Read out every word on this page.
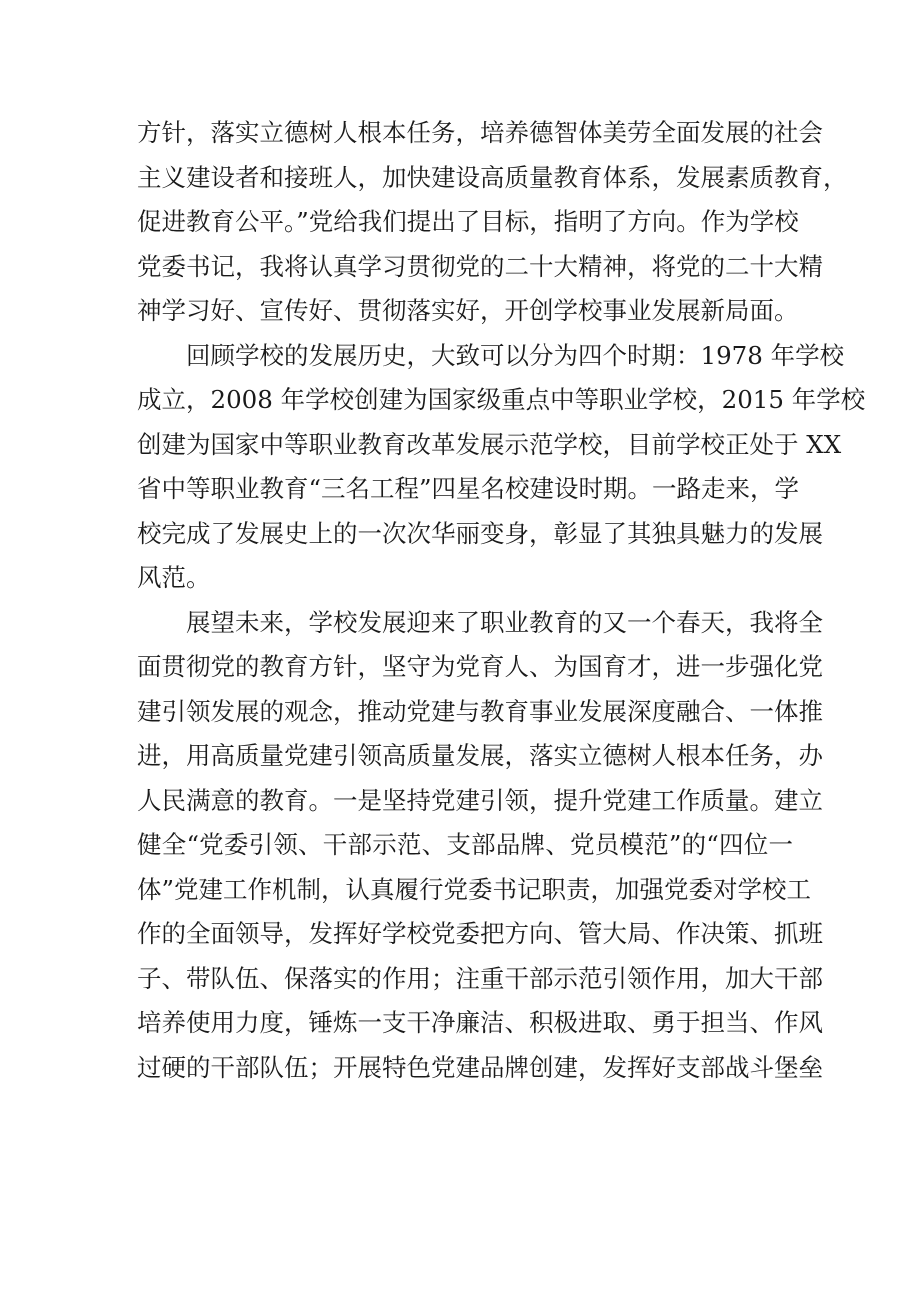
方针，落实立德树人根本任务，培养德智体美劳全面发展的社会
主义建设者和接班人，加快建设高质量教育体系，发展素质教育，
促进教育公平。”党给我们提出了目标，指明了方向。作为学校
党委书记，我将认真学习贯彻党的二十大精神，将党的二十大精
神学习好、宣传好、贯彻落实好，开创学校事业发展新局面。
回顾学校的发展历史，大致可以分为四个时期：1978 年学校
成立，2008 年学校创建为国家级重点中等职业学校，2015 年学校
创建为国家中等职业教育改革发展示范学校，目前学校正处于 XX
省中等职业教育“三名工程”四星名校建设时期。一路走来，学
校完成了发展史上的一次次华丽变身，彰显了其独具魅力的发展
风范。
展望未来，学校发展迎来了职业教育的又一个春天，我将全
面贯彻党的教育方针，坚守为党育人、为国育才，进一步强化党
建引领发展的观念，推动党建与教育事业发展深度融合、一体推
进，用高质量党建引领高质量发展，落实立德树人根本任务，办
人民满意的教育。一是坚持党建引领，提升党建工作质量。建立
健全“党委引领、干部示范、支部品牌、党员模范”的“四位一
体”党建工作机制，认真履行党委书记职责，加强党委对学校工
作的全面领导，发挥好学校党委把方向、管大局、作决策、抓班
子、带队伍、保落实的作用；注重干部示范引领作用，加大干部
培养使用力度，锤炼一支干净廉洁、积极进取、勇于担当、作风
过硬的干部队伍；开展特色党建品牌创建，发挥好支部战斗堡垒
